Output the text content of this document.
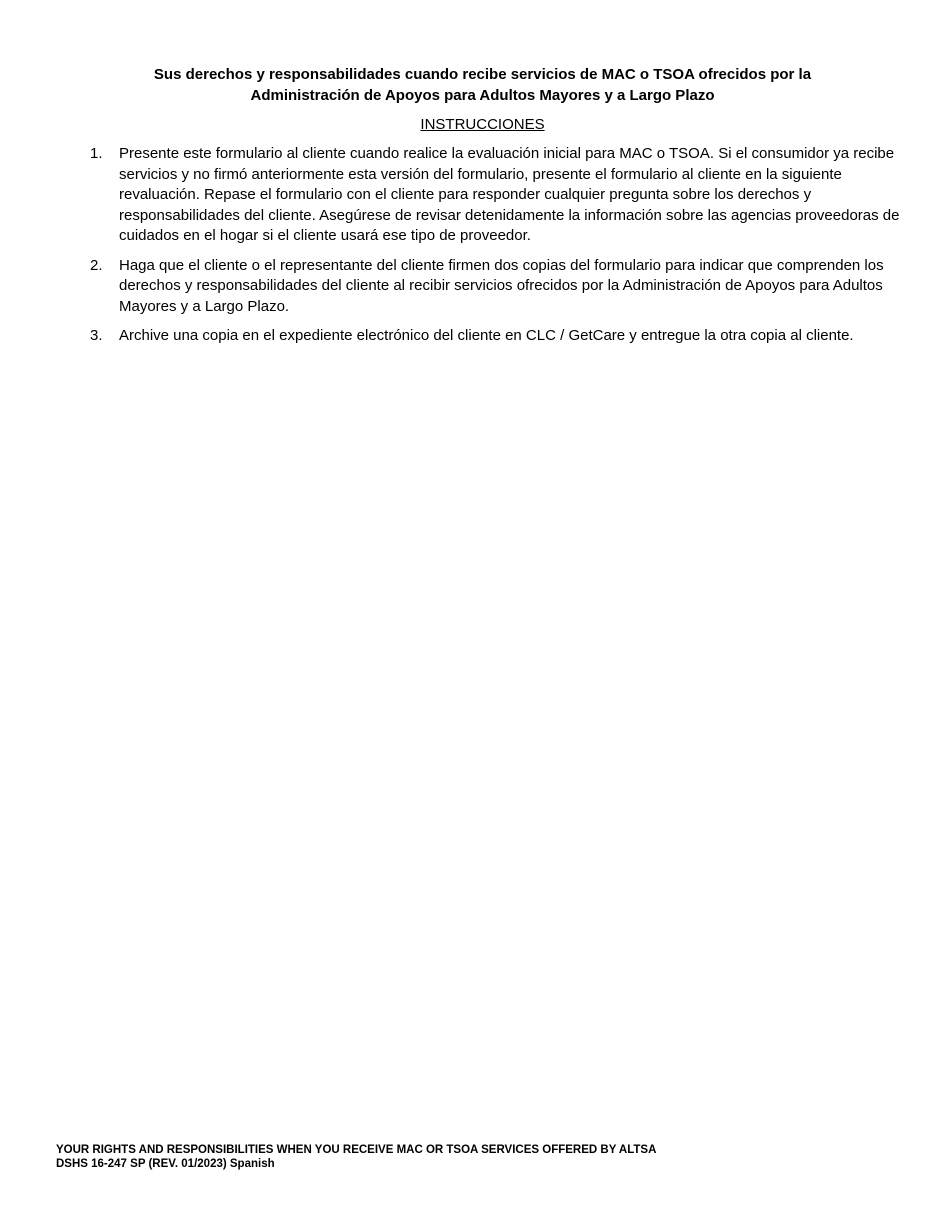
Sus derechos y responsabilidades cuando recibe servicios de MAC o TSOA ofrecidos por la
Administración de Apoyos para Adultos Mayores y a Largo Plazo
INSTRUCCIONES
1. Presente este formulario al cliente cuando realice la evaluación inicial para MAC o TSOA. Si el consumidor ya recibe servicios y no firmó anteriormente esta versión del formulario, presente el formulario al cliente en la siguiente revaluación. Repase el formulario con el cliente para responder cualquier pregunta sobre los derechos y responsabilidades del cliente. Asegúrese de revisar detenidamente la información sobre las agencias proveedoras de cuidados en el hogar si el cliente usará ese tipo de proveedor.
2. Haga que el cliente o el representante del cliente firmen dos copias del formulario para indicar que comprenden los derechos y responsabilidades del cliente al recibir servicios ofrecidos por la Administración de Apoyos para Adultos Mayores y a Largo Plazo.
3. Archive una copia en el expediente electrónico del cliente en CLC / GetCare y entregue la otra copia al cliente.
YOUR RIGHTS AND RESPONSIBILITIES WHEN YOU RECEIVE MAC OR TSOA SERVICES OFFERED BY ALTSA
DSHS 16-247 SP (REV. 01/2023) Spanish
